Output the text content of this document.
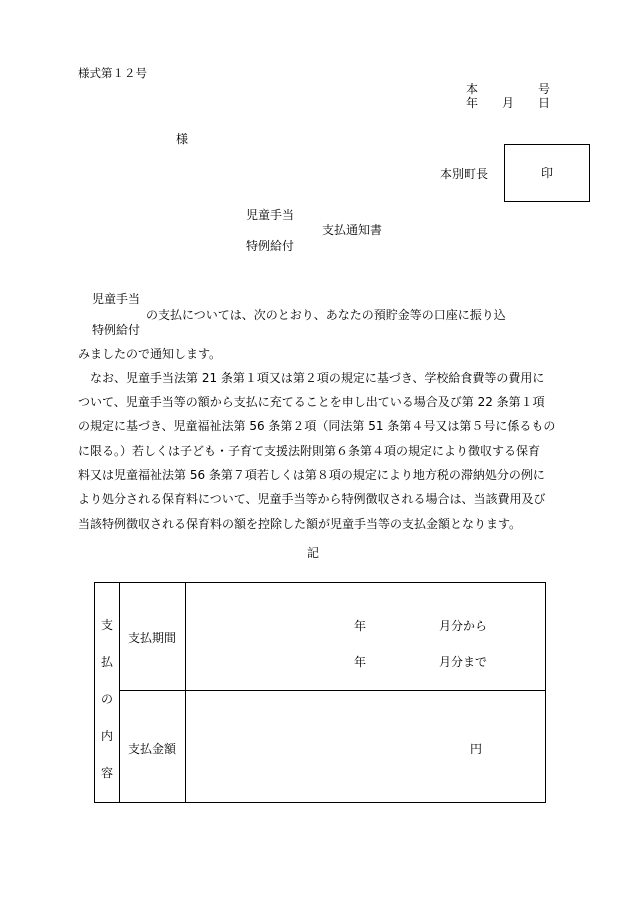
様式第１２号
本	号
年 月 日
様
本別町長	印
児童手当
支払通知書
特例給付
児童手当
の支払については、次のとおり、あなたの預貯金等の口座に振り込
特例給付
みましたので通知します。
　なお、児童手当法第 21 条第１項又は第２項の規定に基づき、学校給食費等の費用に
ついて、児童手当等の額から支払に充てることを申し出ている場合及び第 22 条第１項
の規定に基づき、児童福祉法第 56 条第２項（同法第 51 条第４号又は第５号に係るもの
に限る。）若しくは子ども・子育て支援法附則第６条第４項の規定により徴収する保育
料又は児童福祉法第 56 条第７項若しくは第８項の規定により地方税の滞納処分の例に
より処分される保育料について、児童手当等から特例徴収される場合は、当該費用及び
当該特例徴収される保育料の額を控除した額が児童手当等の支払金額となります。
記
支
払
の
内
容
支払期間
年	月分から
年	月分まで
支払金額	円
